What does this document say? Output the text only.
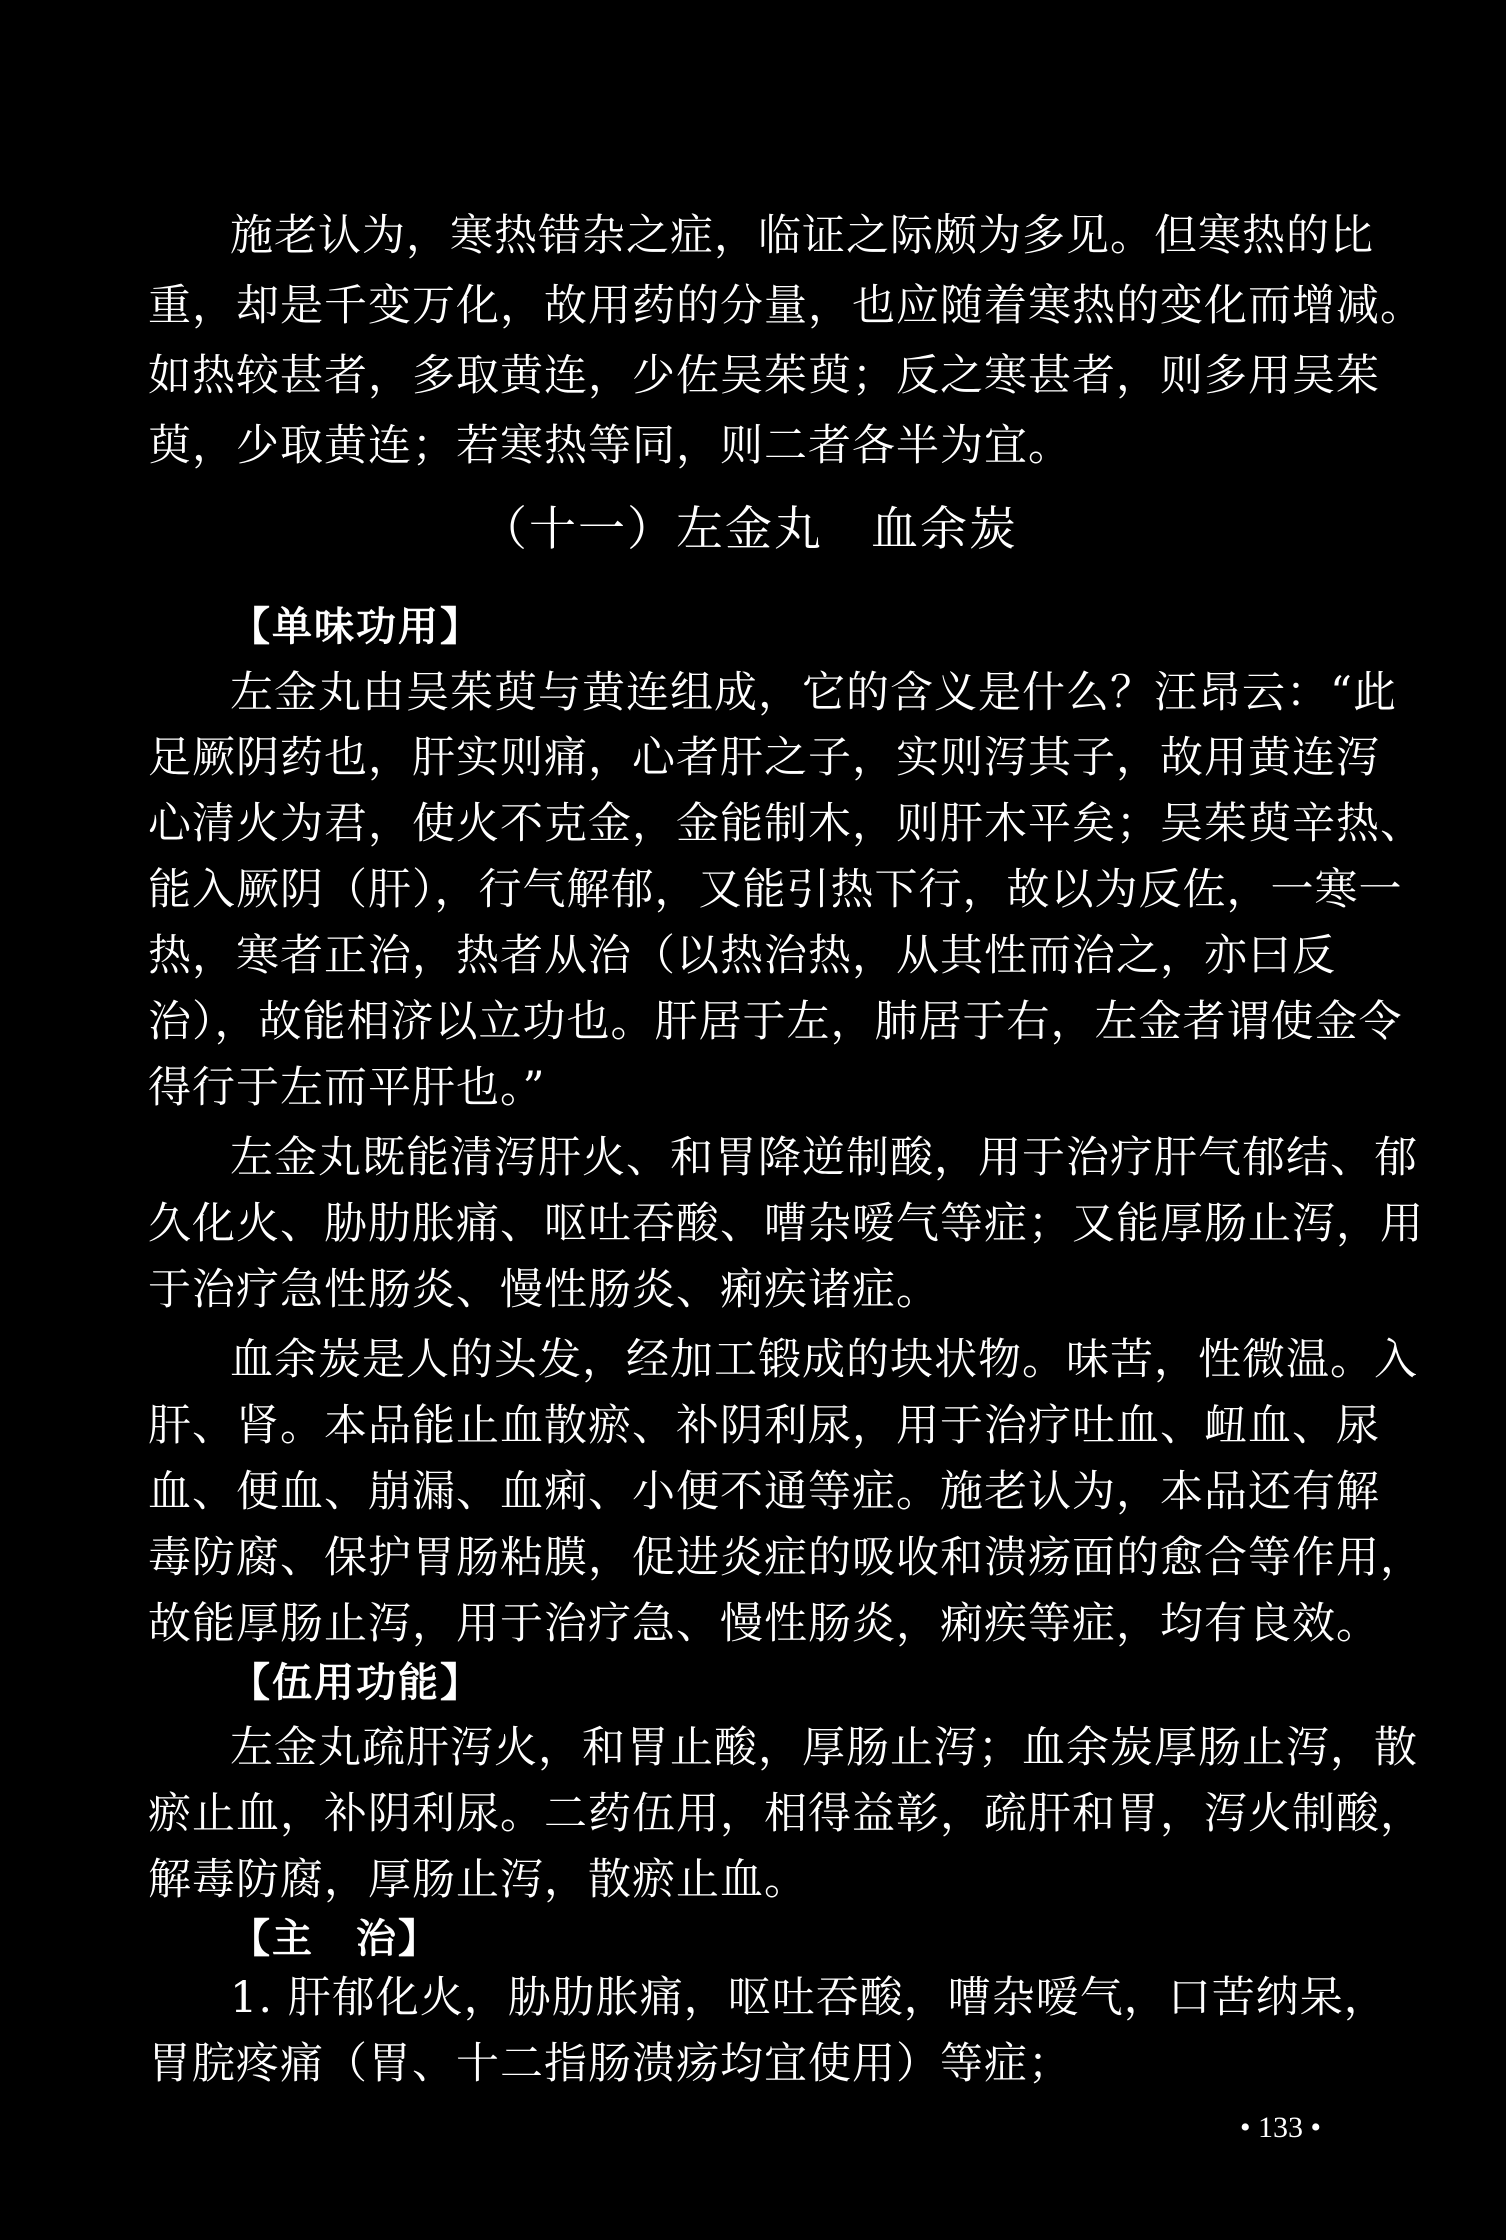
施老认为，寒热错杂之症，临证之际颇为多见。但寒热的比
重，却是千变万化，故用药的分量，也应随着寒热的变化而增减。
如热较甚者，多取黄连，少佐吴茱萸；反之寒甚者，则多用吴茱
萸，少取黄连；若寒热等同，则二者各半为宜。
（十一）左金丸 血余炭
【单味功用】
左金丸由吴茱萸与黄连组成，它的含义是什么？汪昂云：“此
足厥阴药也，肝实则痛，心者肝之子，实则泻其子，故用黄连泻
心清火为君，使火不克金，金能制木，则肝木平矣；吴茱萸辛热、
能入厥阴（肝），行气解郁，又能引热下行，故以为反佐，一寒一
热，寒者正治，热者从治（以热治热，从其性而治之，亦曰反
治），故能相济以立功也。肝居于左，肺居于右，左金者谓使金令
得行于左而平肝也。”
左金丸既能清泻肝火、和胃降逆制酸，用于治疗肝气郁结、郁
久化火、胁肋胀痛、呕吐吞酸、嘈杂嗳气等症；又能厚肠止泻，用
于治疗急性肠炎、慢性肠炎、痢疾诸症。
血余炭是人的头发，经加工锻成的块状物。味苦，性微温。入
肝、肾。本品能止血散瘀、补阴利尿，用于治疗吐血、衄血、尿
血、便血、崩漏、血痢、小便不通等症。施老认为，本品还有解
毒防腐、保护胃肠粘膜，促进炎症的吸收和溃疡面的愈合等作用，
故能厚肠止泻，用于治疗急、慢性肠炎，痢疾等症，均有良效。
【伍用功能】
左金丸疏肝泻火，和胃止酸，厚肠止泻；血余炭厚肠止泻，散
瘀止血，补阴利尿。二药伍用，相得益彰，疏肝和胃，泻火制酸，
解毒防腐，厚肠止泻，散瘀止血。
【主　治】
1. 肝郁化火，胁肋胀痛，呕吐吞酸，嘈杂嗳气，口苦纳呆，
胃脘疼痛（胃、十二指肠溃疡均宜使用）等症；
• 133 •
